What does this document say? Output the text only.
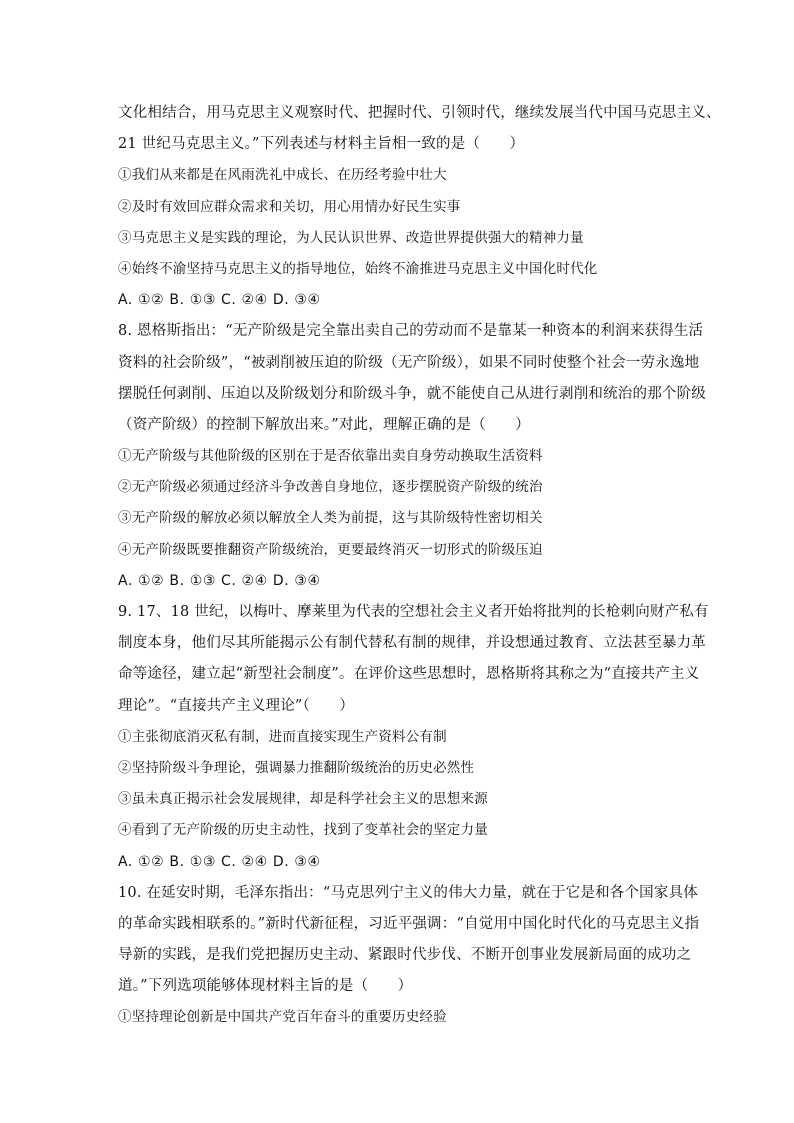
文化相结合，用马克思主义观察时代、把握时代、引领时代，继续发展当代中国马克思主义、
21 世纪马克思主义。”下列表述与材料主旨相一致的是（　　）
①我们从来都是在风雨洗礼中成长、在历经考验中壮大
②及时有效回应群众需求和关切，用心用情办好民生实事
③马克思主义是实践的理论，为人民认识世界、改造世界提供强大的精神力量
④始终不渝坚持马克思主义的指导地位，始终不渝推进马克思主义中国化时代化
A. ①② B. ①③ C. ②④ D. ③④
8. 恩格斯指出：“无产阶级是完全靠出卖自己的劳动而不是靠某一种资本的利润来获得生活
资料的社会阶级”，“被剥削被压迫的阶级（无产阶级），如果不同时使整个社会一劳永逸地
摆脱任何剥削、压迫以及阶级划分和阶级斗争，就不能使自己从进行剥削和统治的那个阶级
（资产阶级）的控制下解放出来。”对此，理解正确的是（　　）
①无产阶级与其他阶级的区别在于是否依靠出卖自身劳动换取生活资料
②无产阶级必须通过经济斗争改善自身地位，逐步摆脱资产阶级的统治
③无产阶级的解放必须以解放全人类为前提，这与其阶级特性密切相关
④无产阶级既要推翻资产阶级统治，更要最终消灭一切形式的阶级压迫
A. ①② B. ①③ C. ②④ D. ③④
9. 17、18 世纪，以梅叶、摩莱里为代表的空想社会主义者开始将批判的长枪刺向财产私有
制度本身，他们尽其所能揭示公有制代替私有制的规律，并设想通过教育、立法甚至暴力革
命等途径，建立起“新型社会制度”。在评价这些思想时，恩格斯将其称之为“直接共产主义
理论”。“直接共产主义理论”（　　）
①主张彻底消灭私有制，进而直接实现生产资料公有制
②坚持阶级斗争理论，强调暴力推翻阶级统治的历史必然性
③虽未真正揭示社会发展规律，却是科学社会主义的思想来源
④看到了无产阶级的历史主动性，找到了变革社会的坚定力量
A. ①② B. ①③ C. ②④ D. ③④
10. 在延安时期，毛泽东指出：“马克思列宁主义的伟大力量，就在于它是和各个国家具体
的革命实践相联系的。”新时代新征程，习近平强调：“自觉用中国化时代化的马克思主义指
导新的实践，是我们党把握历史主动、紧跟时代步伐、不断开创事业发展新局面的成功之
道。”下列选项能够体现材料主旨的是（　　）
①坚持理论创新是中国共产党百年奋斗的重要历史经验
